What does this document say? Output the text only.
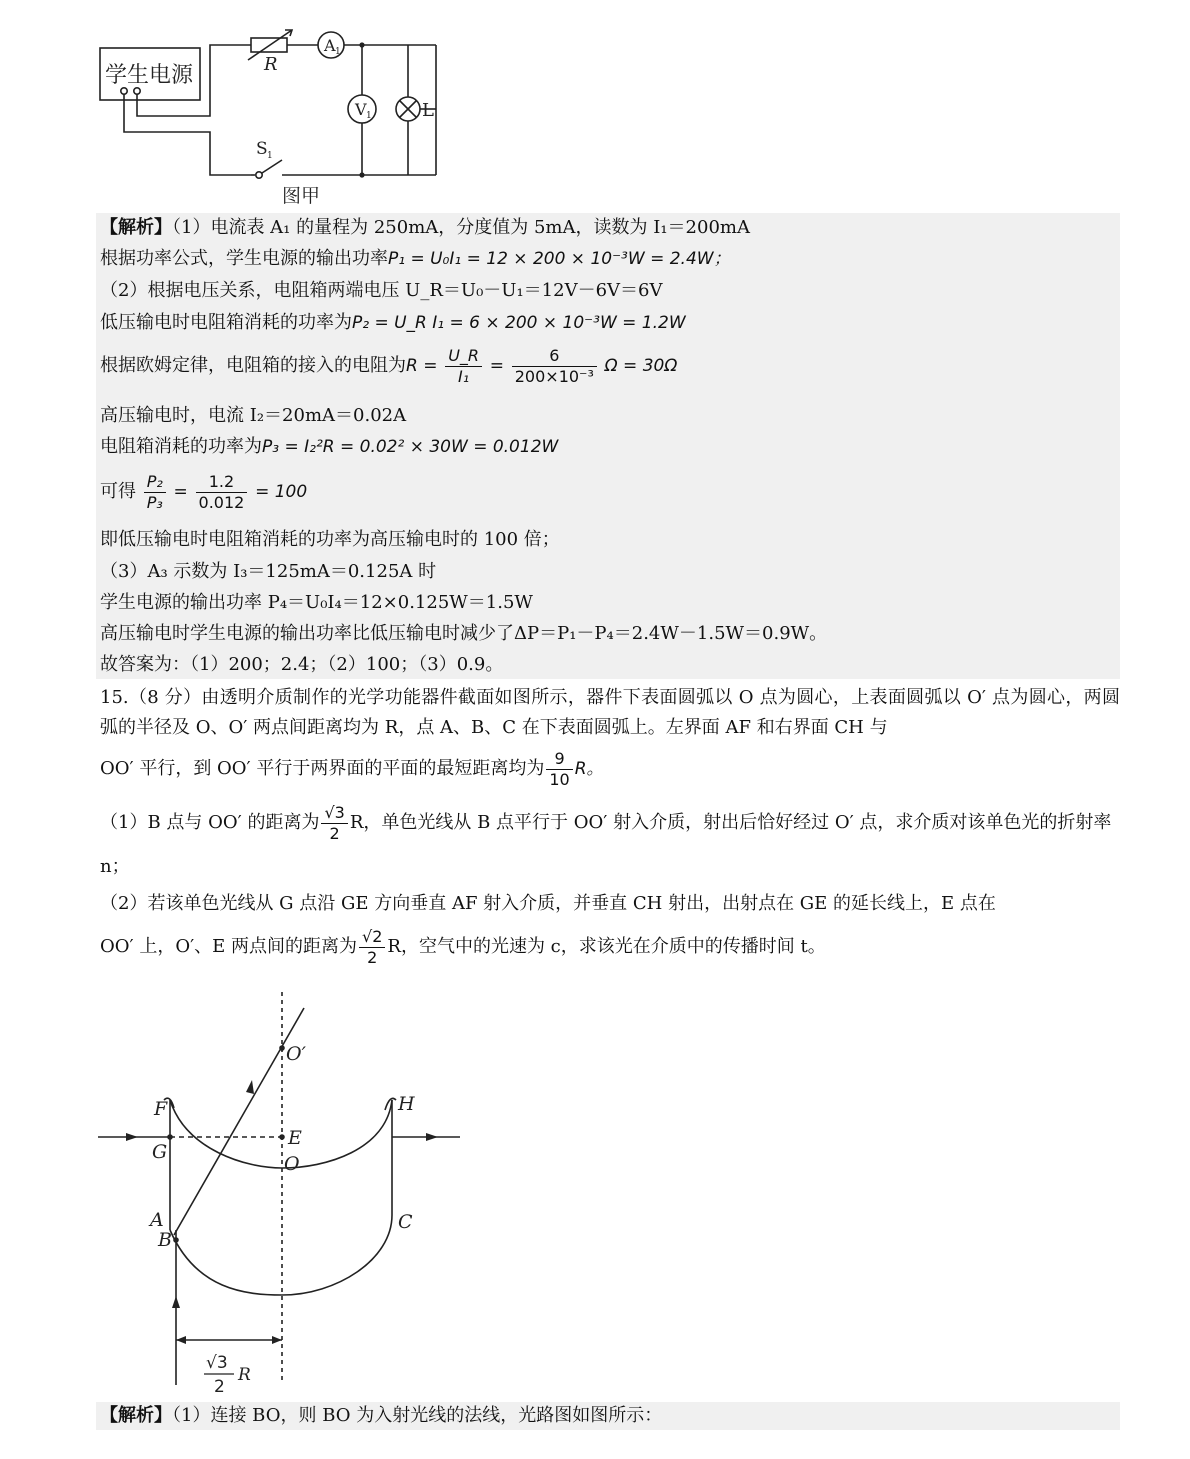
学生电源	R
A 1
V 1	L
S 1
图甲
【解析】（1）电流表 A₁ 的量程为 250mA，分度值为 5mA，读数为 I₁＝200mA
根据功率公式，学生电源的输出功率P₁ = U₀I₁ = 12 × 200 × 10⁻³W = 2.4W；
（2）根据电压关系，电阻箱两端电压 U_R＝U₀－U₁＝12V－6V＝6V
低压输电时电阻箱消耗的功率为P₂ = U_R I₁ = 6 × 200 × 10⁻³W = 1.2W
根据欧姆定律，电阻箱的接入的电阻为$R = \frac{U\_R}{\text{I₁}} = \frac{6}{\text{200×10⁻³}}$ Ω = 30Ω
高压输电时，电流 I₂＝20mA＝0.02A
电阻箱消耗的功率为P₃ = I₂²R = 0.02² × 30W = 0.012W
可得 $\frac{\text{P₂}}{\text{P₃}} = \frac{1.2}{0.012} = 100$
即低压输电时电阻箱消耗的功率为高压输电时的 100 倍；
（3）A₃ 示数为 I₃＝125mA＝0.125A 时
学生电源的输出功率 P₄＝U₀I₄＝12×0.125W＝1.5W
高压输电时学生电源的输出功率比低压输电时减少了ΔP＝P₁－P₄＝2.4W－1.5W＝0.9W。
故答案为：（1）200；2.4；（2）100；（3）0.9。
15.（8 分）由透明介质制作的光学功能器件截面如图所示，器件下表面圆弧以 O 点为圆心，上表面圆弧以 O′ 点为圆心，两圆弧的半径及 O、O′ 两点间距离均为 R，点 A、B、C 在下表面圆弧上。左界面 AF 和右界面 CH 与
OO′ 平行，到 OO′ 平行于两界面的平面的最短距离均为 $\frac{9}{10}$ R。
（1）B 点与 OO′ 的距离为 $\frac{√3}{2}$ R，单色光线从 B 点平行于 OO′ 射入介质，射出后恰好经过 O′ 点，求介质对该单色光的折射率 n；
（2）若该单色光线从 G 点沿 GE 方向垂直 AF 射入介质，并垂直 CH 射出，出射点在 GE 的延长线上，E 点在
OO′ 上，O′、E 两点间的距离为 $\frac{√2}{2}$ R，空气中的光速为 c，求该光在介质中的传播时间 t。
O′
F	H
E
G
O
A
B
C
√3
2
R
【解析】（1）连接 BO，则 BO 为入射光线的法线，光路图如图所示：
